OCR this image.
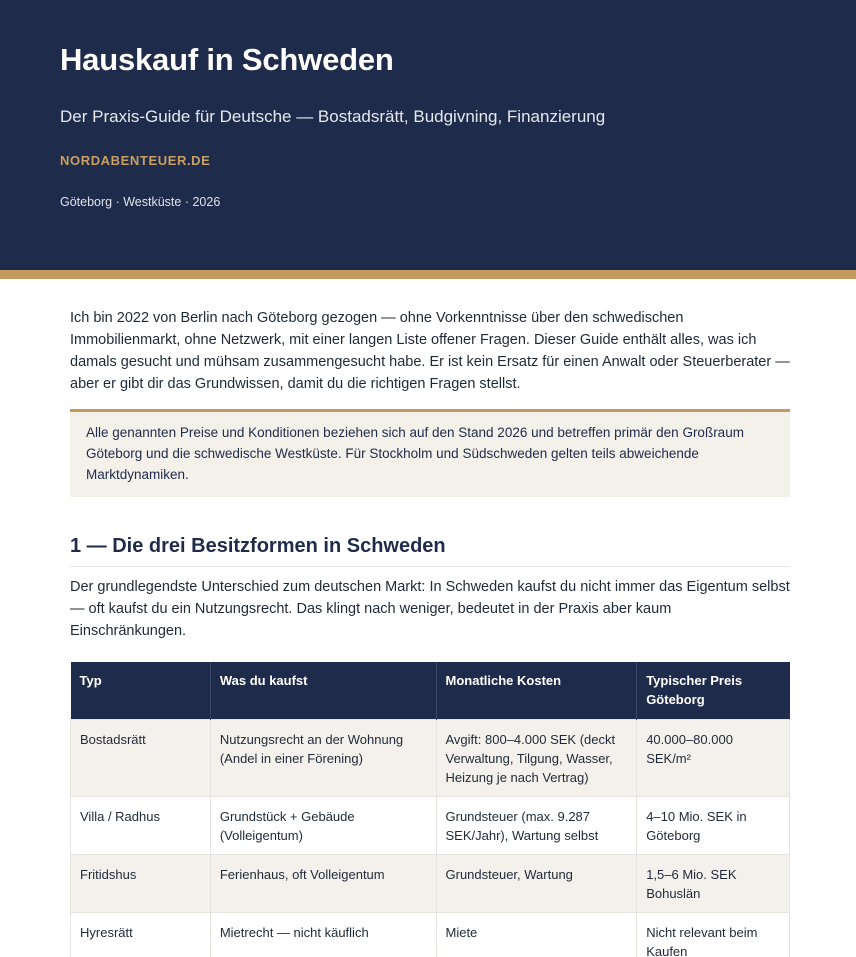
Hauskauf in Schweden

Der Praxis-Guide für Deutsche — Bostadsrätt, Budgivning, Finanzierung

NORDABENTEUER.DE
Göteborg · Westküste · 2026

Ich bin 2022 von Berlin nach Göteborg gezogen — ohne Vorkenntnisse über den schwedischen Immobilienmarkt, ohne Netzwerk, mit einer langen Liste offener Fragen. Dieser Guide enthält alles, was ich damals gesucht und mühsam zusammengesucht habe. Er ist kein Ersatz für einen Anwalt oder Steuerberater — aber er gibt dir das Grundwissen, damit du die richtigen Fragen stellst.

Alle genannten Preise und Konditionen beziehen sich auf den Stand 2026 und betreffen primär den Großraum Göteborg und die schwedische Westküste. Für Stockholm und Südschweden gelten teils abweichende Marktdynamiken.

1 — Die drei Besitzformen in Schweden

Der grundlegendste Unterschied zum deutschen Markt: In Schweden kaufst du nicht immer das Eigentum selbst — oft kaufst du ein Nutzungsrecht. Das klingt nach weniger, bedeutet in der Praxis aber kaum Einschränkungen.

Typ	Was du kaufst	Monatliche Kosten	Typischer Preis Göteborg
Bostadsrätt	Nutzungsrecht an der Wohnung (Andel in einer Förening)	Avgift: 800–4.000 SEK (deckt Verwaltung, Tilgung, Wasser, Heizung je nach Vertrag)	40.000–80.000 SEK/m²
Villa / Radhus	Grundstück + Gebäude (Volleigentum)	Grundsteuer (max. 9.287 SEK/Jahr), Wartung selbst	4–10 Mio. SEK in Göteborg
Fritidshus	Ferienhaus, oft Volleigentum	Grundsteuer, Wartung	1,5–6 Mio. SEK Bohuslän
Hyresrätt	Mietrecht — nicht käuflich	Miete	Nicht relevant beim Kaufen
